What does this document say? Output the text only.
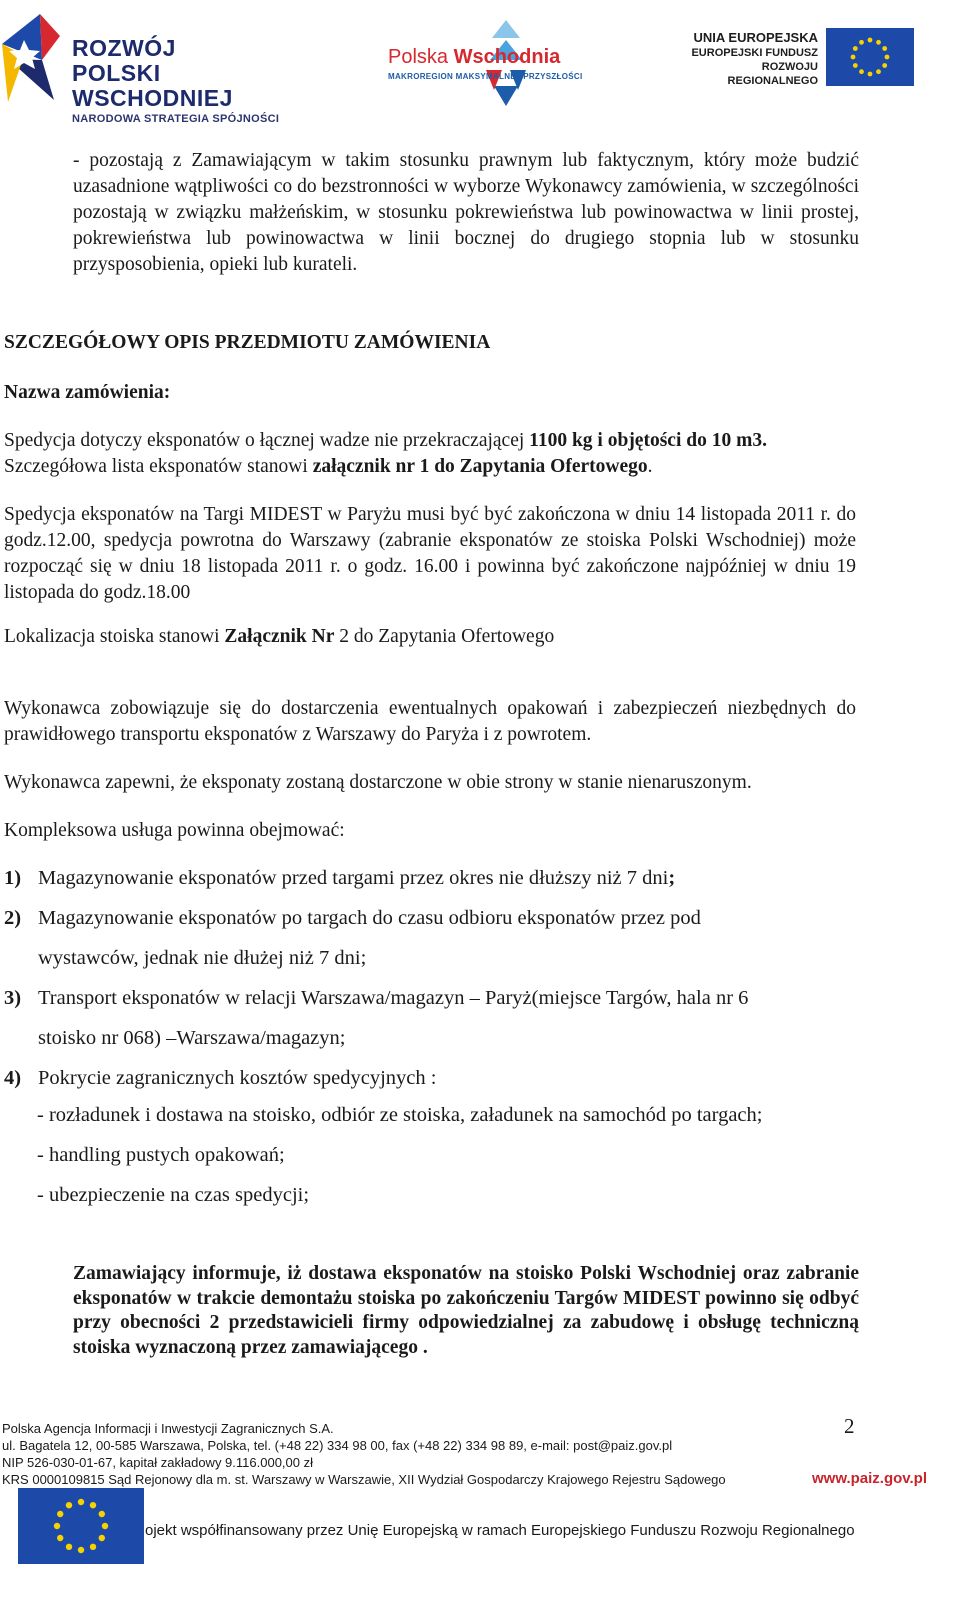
ROZWÓJ
POLSKI WSCHODNIEJ
NARODOWA STRATEGIA SPÓJNOŚCI
Polska Wschodnia
MAKROREGION MAKSYMALNEJ PRZYSZŁOŚCI
UNIA EUROPEJSKA
EUROPEJSKI FUNDUSZ
ROZWOJU REGIONALNEGO
- pozostają z Zamawiającym w takim stosunku prawnym lub faktycznym, który może budzić uzasadnione wątpliwości co do bezstronności w wyborze Wykonawcy zamówienia, w szczególności pozostają w związku małżeńskim, w stosunku pokrewieństwa lub powinowactwa w linii prostej, pokrewieństwa lub powinowactwa w linii bocznej do drugiego stopnia lub w stosunku przysposobienia, opieki lub kurateli.
SZCZEGÓŁOWY OPIS PRZEDMIOTU ZAMÓWIENIA
Nazwa zamówienia:
Spedycja dotyczy eksponatów o łącznej wadze nie przekraczającej 1100 kg i objętości do 10 m3.
Szczegółowa lista eksponatów stanowi załącznik nr 1 do Zapytania Ofertowego.
Spedycja eksponatów na Targi MIDEST w Paryżu musi być być zakończona w dniu 14 listopada 2011 r. do godz.12.00, spedycja powrotna do Warszawy (zabranie eksponatów ze stoiska Polski Wschodniej) może rozpocząć się w dniu 18 listopada 2011 r. o godz. 16.00 i powinna być zakończone najpóźniej w dniu 19 listopada do godz.18.00
Lokalizacja stoiska stanowi Załącznik Nr 2 do Zapytania Ofertowego
Wykonawca zobowiązuje się do dostarczenia ewentualnych opakowań i zabezpieczeń niezbędnych do prawidłowego transportu eksponatów z Warszawy do Paryża i z powrotem.
Wykonawca zapewni, że eksponaty zostaną dostarczone w obie strony w stanie nienaruszonym.
Kompleksowa usługa powinna obejmować:
1) Magazynowanie eksponatów przed targami przez okres nie dłuższy niż 7 dni;
2) Magazynowanie eksponatów po targach do czasu odbioru eksponatów przez pod
wystawców, jednak nie dłużej niż 7 dni;
3) Transport eksponatów w relacji Warszawa/magazyn – Paryż(miejsce Targów, hala nr 6
stoisko nr 068) –Warszawa/magazyn;
4) Pokrycie zagranicznych kosztów spedycyjnych :
- rozładunek i dostawa na stoisko, odbiór ze stoiska, załadunek na samochód po targach;
- handling pustych opakowań;
- ubezpieczenie na czas spedycji;
Zamawiający informuje, iż dostawa eksponatów na stoisko Polski Wschodniej oraz zabranie eksponatów w trakcie demontażu stoiska po zakończeniu Targów MIDEST powinno się odbyć przy obecności 2 przedstawicieli firmy odpowiedzialnej za zabudowę i obsługę techniczną stoiska wyznaczoną przez zamawiającego .
2
Polska Agencja Informacji i Inwestycji Zagranicznych S.A.
ul. Bagatela 12, 00-585 Warszawa, Polska, tel. (+48 22) 334 98 00, fax (+48 22) 334 98 89, e-mail: post@paiz.gov.pl
NIP 526-030-01-67, kapitał zakładowy 9.116.000,00 zł
KRS 0000109815 Sąd Rejonowy dla m. st. Warszawy w Warszawie, XII Wydział Gospodarczy Krajowego Rejestru Sądowego	www.paiz.gov.pl
ojekt współfinansowany przez Unię Europejską w ramach Europejskiego Funduszu Rozwoju Regionalnego
